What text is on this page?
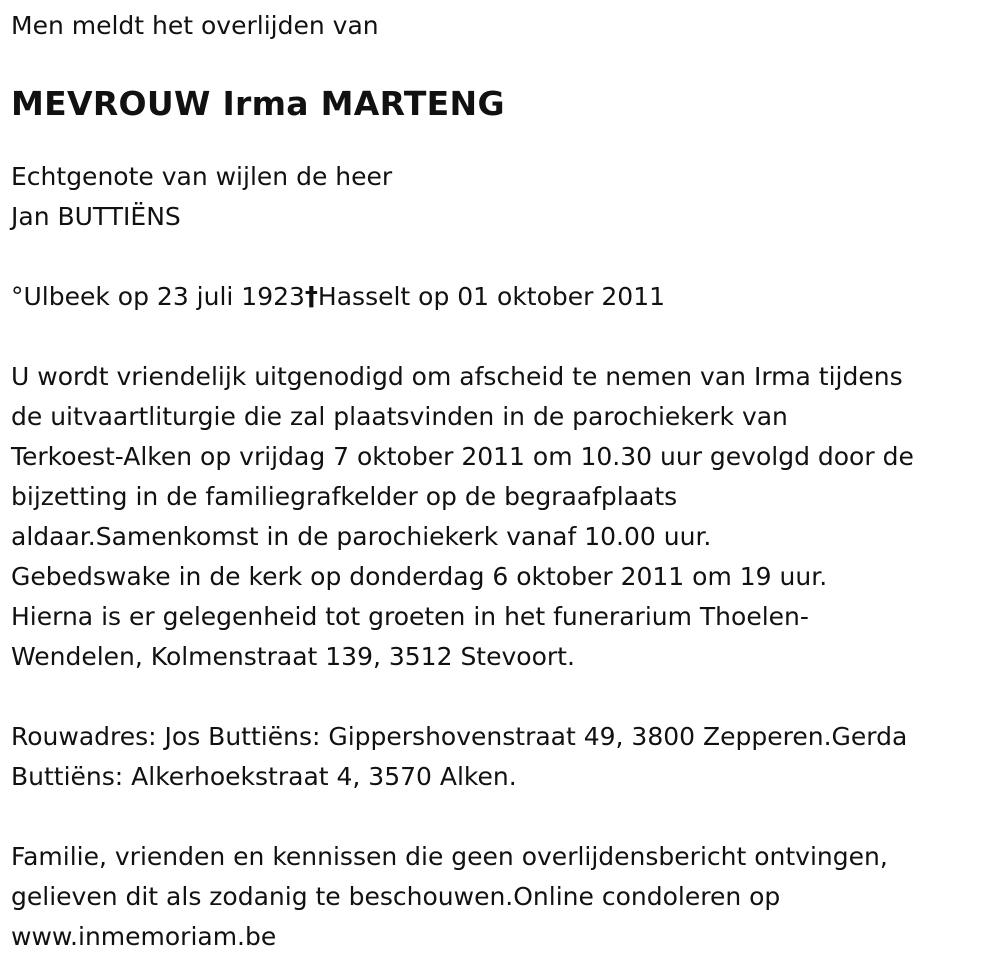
Men meldt het overlijden van

MEVROUW Irma MARTENG

Echtgenote van wijlen de heer

Jan BUTTIËNS

°Ulbeek op 23 juli 1923†Hasselt op 01 oktober 2011

U wordt vriendelijk uitgenodigd om afscheid te nemen van Irma tijdens
de uitvaartliturgie die zal plaatsvinden in de parochiekerk van
Terkoest-Alken op vrijdag 7 oktober 2011 om 10.30 uur gevolgd door de
bijzetting in de familiegrafkelder op de begraafplaats
aldaar.Samenkomst in de parochiekerk vanaf 10.00 uur.
Gebedswake in de kerk op donderdag 6 oktober 2011 om 19 uur.
Hierna is er gelegenheid tot groeten in het funerarium Thoelen-
Wendelen, Kolmenstraat 139, 3512 Stevoort.
Rouwadres: Jos Buttiëns: Gippershovenstraat 49, 3800 Zepperen.Gerda
Buttiëns: Alkerhoekstraat 4, 3570 Alken.
Familie, vrienden en kennissen die geen overlijdensbericht ontvingen,
gelieven dit als zodanig te beschouwen.Online condoleren op
www.inmemoriam.be
